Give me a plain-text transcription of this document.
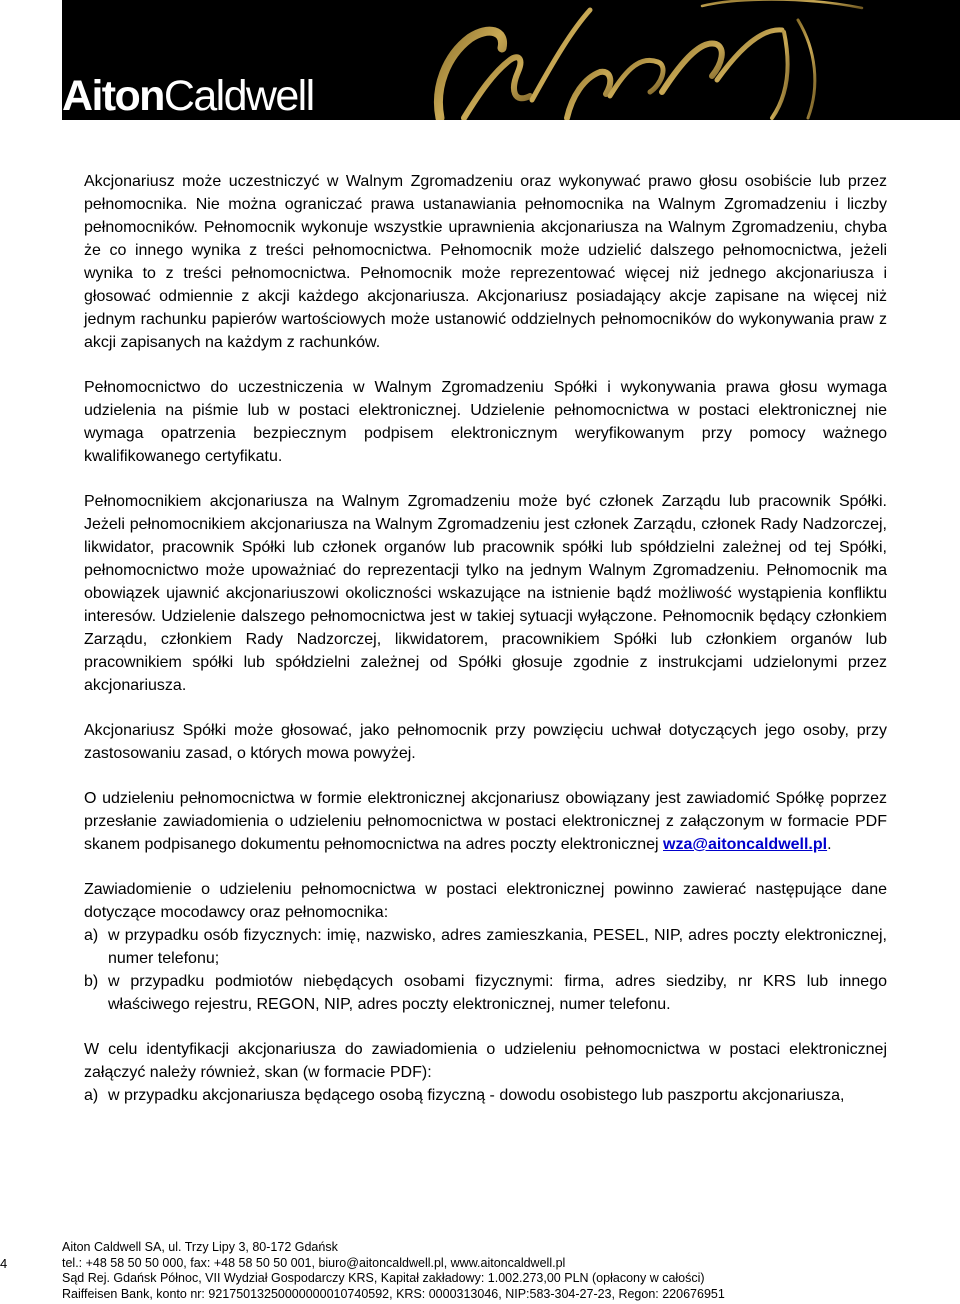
AitonCaldwell

Akcjonariusz może uczestniczyć w Walnym Zgromadzeniu oraz wykonywać prawo głosu osobiście lub przez pełnomocnika. Nie można ograniczać prawa ustanawiania pełnomocnika na Walnym Zgromadzeniu i liczby pełnomocników. Pełnomocnik wykonuje wszystkie uprawnienia akcjonariusza na Walnym Zgromadzeniu, chyba że co innego wynika z treści pełnomocnictwa. Pełnomocnik może udzielić dalszego pełnomocnictwa, jeżeli wynika to z treści pełnomocnictwa. Pełnomocnik może reprezentować więcej niż jednego akcjonariusza i głosować odmiennie z akcji każdego akcjonariusza. Akcjonariusz posiadający akcje zapisane na więcej niż jednym rachunku papierów wartościowych może ustanowić oddzielnych pełnomocników do wykonywania praw z akcji zapisanych na każdym z rachunków.

Pełnomocnictwo do uczestniczenia w Walnym Zgromadzeniu Spółki i wykonywania prawa głosu wymaga udzielenia na piśmie lub w postaci elektronicznej. Udzielenie pełnomocnictwa w postaci elektronicznej nie wymaga opatrzenia bezpiecznym podpisem elektronicznym weryfikowanym przy pomocy ważnego kwalifikowanego certyfikatu.

Pełnomocnikiem akcjonariusza na Walnym Zgromadzeniu może być członek Zarządu lub pracownik Spółki. Jeżeli pełnomocnikiem akcjonariusza na Walnym Zgromadzeniu jest członek Zarządu, członek Rady Nadzorczej, likwidator, pracownik Spółki lub członek organów lub pracownik spółki lub spółdzielni zależnej od tej Spółki, pełnomocnictwo może upoważniać do reprezentacji tylko na jednym Walnym Zgromadzeniu. Pełnomocnik ma obowiązek ujawnić akcjonariuszowi okoliczności wskazujące na istnienie bądź możliwość wystąpienia konfliktu interesów. Udzielenie dalszego pełnomocnictwa jest w takiej sytuacji wyłączone. Pełnomocnik będący członkiem Zarządu, członkiem Rady Nadzorczej, likwidatorem, pracownikiem Spółki lub członkiem organów lub pracownikiem spółki lub spółdzielni zależnej od Spółki głosuje zgodnie z instrukcjami udzielonymi przez akcjonariusza.

Akcjonariusz Spółki może głosować, jako pełnomocnik przy powzięciu uchwał dotyczących jego osoby, przy zastosowaniu zasad, o których mowa powyżej.

O udzieleniu pełnomocnictwa w formie elektronicznej akcjonariusz obowiązany jest zawiadomić Spółkę poprzez przesłanie zawiadomienia o udzieleniu pełnomocnictwa w postaci elektronicznej z załączonym w formacie PDF skanem podpisanego dokumentu pełnomocnictwa na adres poczty elektronicznej wza@aitoncaldwell.pl.

Zawiadomienie o udzieleniu pełnomocnictwa w postaci elektronicznej powinno zawierać następujące dane dotyczące mocodawcy oraz pełnomocnika:

a) w przypadku osób fizycznych: imię, nazwisko, adres zamieszkania, PESEL, NIP, adres poczty elektronicznej, numer telefonu;
b) w przypadku podmiotów niebędących osobami fizycznymi: firma, adres siedziby, nr KRS lub innego właściwego rejestru, REGON, NIP, adres poczty elektronicznej, numer telefonu.

W celu identyfikacji akcjonariusza do zawiadomienia o udzieleniu pełnomocnictwa w postaci elektronicznej załączyć należy również, skan (w formacie PDF):

a) w przypadku akcjonariusza będącego osobą fizyczną - dowodu osobistego lub paszportu akcjonariusza,
4
Aiton Caldwell SA, ul. Trzy Lipy 3, 80-172 Gdańsk
tel.: +48 58 50 50 000, fax: +48 58 50 50 001, biuro@aitoncaldwell.pl, www.aitoncaldwell.pl
Sąd Rej. Gdańsk Północ, VII Wydział Gospodarczy KRS, Kapitał zakładowy: 1.002.273,00 PLN (opłacony w całości)
Raiffeisen Bank, konto nr: 92175013250000000010740592, KRS: 0000313046, NIP:583-304-27-23, Regon: 220676951
